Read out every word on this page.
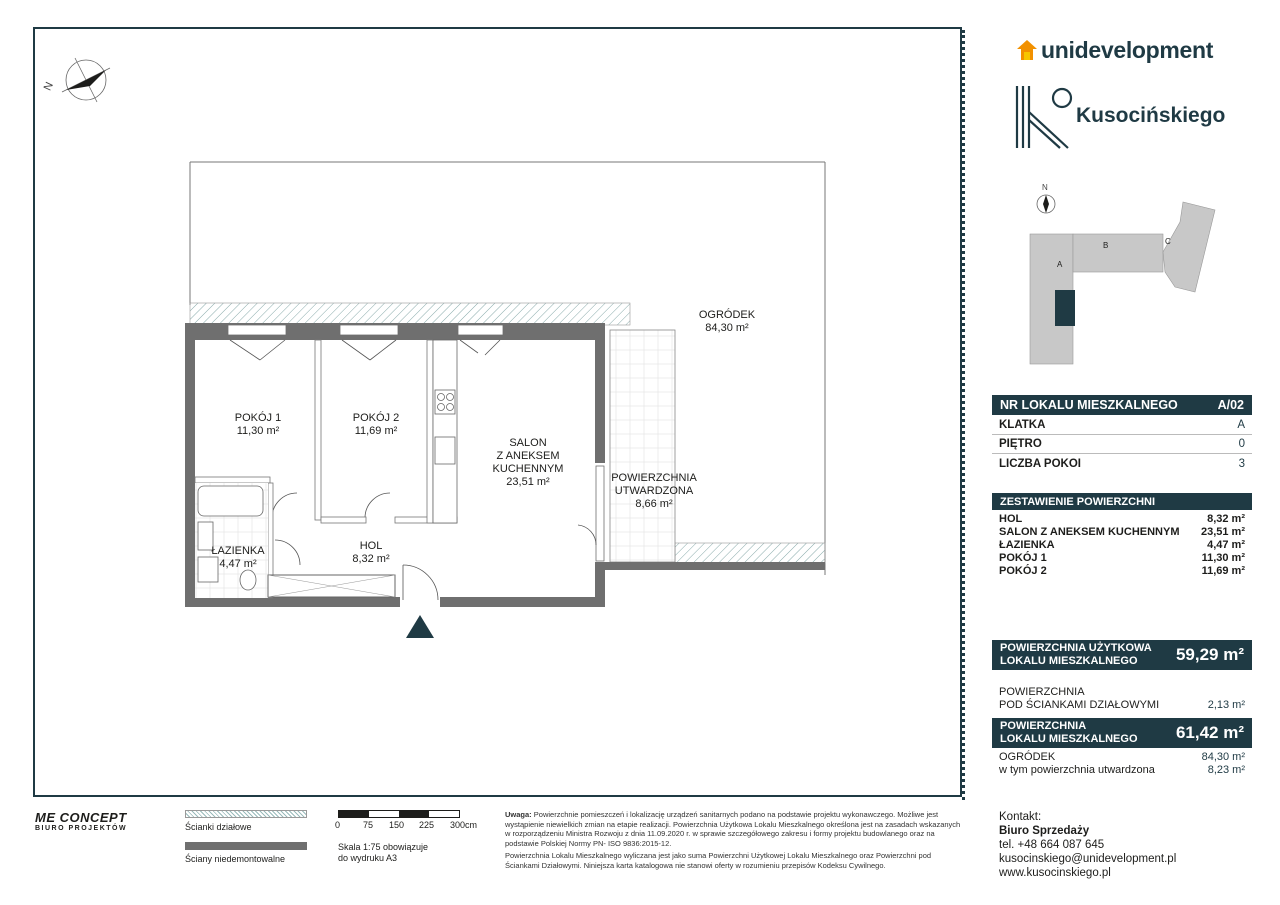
N
POKÓJ 1
11,30 m²
POKÓJ 2
11,69 m²
SALON
Z ANEKSEM
KUCHENNYM
23,51 m²
ŁAZIENKA
4,47 m²
HOL
8,32 m²
POWIERZCHNIA
UTWARDZONA
8,66 m²
OGRÓDEK
84,30 m²
unidevelopment
Kusocińskiego
N
A
B	C
NR LOKALU MIESZKALNEGO	A/02
KLATKA	A
PIĘTRO	0
LICZBA POKOI	3
ZESTAWIENIE POWIERZCHNI
HOL	8,32 m²
SALON Z ANEKSEM KUCHENNYM 23,51 m²
ŁAZIENKA	4,47 m²
POKÓJ 1	11,30 m²
POKÓJ 2	11,69 m²
POWIERZCHNIA UŻYTKOWA
LOKALU MIESZKALNEGO	59,29 m²
POWIERZCHNIA
POD ŚCIANKAMI DZIAŁOWYMI	2,13 m²
POWIERZCHNIA
LOKALU MIESZKALNEGO 61,42 m²
OGRÓDEK	84,30 m²
w tym powierzchnia utwardzona	8,23 m²
ME CONCEPT
BIURO PROJEKTÓW	Ścianki działowe
Ściany niedemontowalne
0	75 150 225 300cm
Skala 1:75 obowiązuje
do wydruku A3
Uwaga: Powierzchnie pomieszczeń i lokalizację urządzeń sanitarnych podano na podstawie projektu wykonawczego. Możliwe jest wystąpienie niewielkich zmian na etapie realizacji. Powierzchnia Użytkowa Lokalu Mieszkalnego określona jest na zasadach wskazanych w rozporządzeniu Ministra Rozwoju z dnia 11.09.2020 r. w sprawie szczegółowego zakresu i formy projektu budowlanego oraz na podstawie Polskiej Normy PN- ISO 9836:2015-12.
Powierzchnia Lokalu Mieszkalnego wyliczana jest jako suma Powierzchni Użytkowej Lokalu Mieszkalnego oraz Powierzchni pod Ściankami Działowymi. Niniejsza karta katalogowa nie stanowi oferty w rozumieniu przepisów Kodeksu Cywilnego.
Kontakt:
Biuro Sprzedaży
tel. +48 664 087 645
kusocinskiego@unidevelopment.pl
www.kusocinskiego.pl
